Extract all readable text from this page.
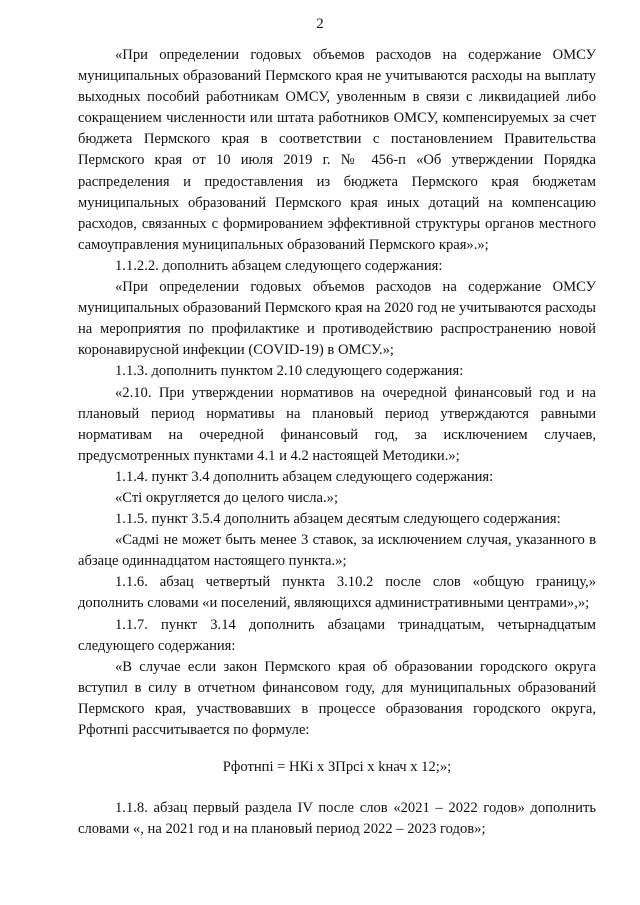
2

«При определении годовых объемов расходов на содержание ОМСУ муниципальных образований Пермского края не учитываются расходы на выплату выходных пособий работникам ОМСУ, уволенным в связи с ликвидацией либо сокращением численности или штата работников ОМСУ, компенсируемых за счет бюджета Пермского края в соответствии с постановлением Правительства Пермского края от 10 июля 2019 г. № 456-п «Об утверждении Порядка распределения и предоставления из бюджета Пермского края бюджетам муниципальных образований Пермского края иных дотаций на компенсацию расходов, связанных с формированием эффективной структуры органов местного самоуправления муниципальных образований Пермского края».»;

1.1.2.2. дополнить абзацем следующего содержания:

«При определении годовых объемов расходов на содержание ОМСУ муниципальных образований Пермского края на 2020 год не учитываются расходы на мероприятия по профилактике и противодействию распространению новой коронавирусной инфекции (COVID-19) в ОМСУ.»;

1.1.3. дополнить пунктом 2.10 следующего содержания:

«2.10. При утверждении нормативов на очередной финансовый год и на плановый период нормативы на плановый период утверждаются равными нормативам на очередной финансовый год, за исключением случаев, предусмотренных пунктами 4.1 и 4.2 настоящей Методики.»;

1.1.4. пункт 3.4 дополнить абзацем следующего содержания:

«Стi округляется до целого числа.»;

1.1.5. пункт 3.5.4 дополнить абзацем десятым следующего содержания:

«Садмi не может быть менее 3 ставок, за исключением случая, указанного в абзаце одиннадцатом настоящего пункта.»;

1.1.6. абзац четвертый пункта 3.10.2 после слов «общую границу,» дополнить словами «и поселений, являющихся административными центрами»,»;

1.1.7. пункт 3.14 дополнить абзацами тринадцатым, четырнадцатым следующего содержания:

«В случае если закон Пермского края об образовании городского округа вступил в силу в отчетном финансовом году, для муниципальных образований Пермского края, участвовавших в процессе образования городского округа, Рфотнпi рассчитывается по формуле:

Рфотнпi = НКi х ЗПрсi х kнач х 12;»;

1.1.8. абзац первый раздела IV после слов «2021 – 2022 годов» дополнить словами «, на 2021 год и на плановый период 2022 – 2023 годов»;
